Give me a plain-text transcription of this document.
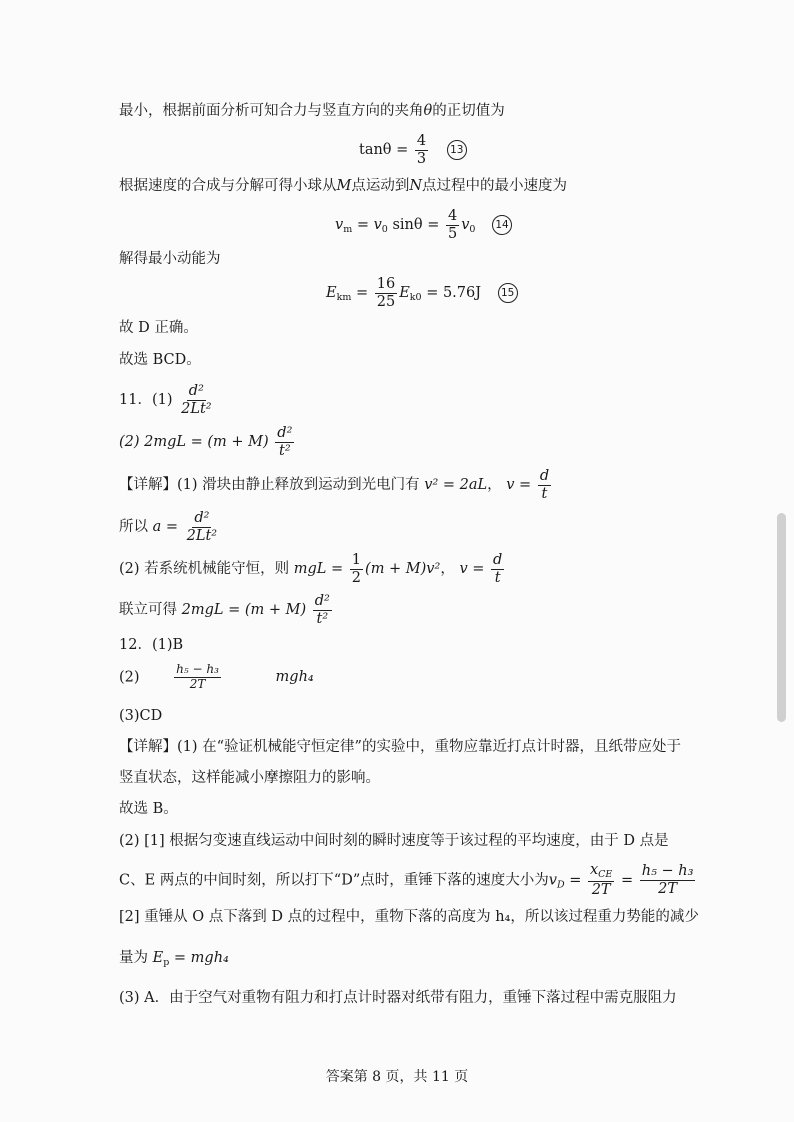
最小，根据前面分析可知合力与竖直方向的夹角θ的正切值为
$\tan\theta = \frac{4}{3} 13$
根据速度的合成与分解可得小球从M点运动到N点过程中的最小速度为
$v_m = v_0$ $\sin\theta = \frac{4}{5} v_0$ 14
解得最小动能为
$E_{km} = \frac{16}{25} E_{k0} = 5.76J$ 15
故 D 正确。
故选 BCD。
11．$(1) \frac{\text{d²}}{\text{2Lt²}}$
(2) $2mgL = (m + M) \frac{\text{d²}}{\text{t²}}$
【详解】(1) 滑块由静止释放到运动到光电门有 v² = 2aL， $v = \frac{d}{t}$
所以 $a = \frac{\text{d²}}{\text{2Lt²}}$
(2) 若系统机械能守恒，则 mgL = $\frac{1}{2} (m + M)v^2$， $v = \frac{d}{t}$
联立可得 $2mgL = (m + M) \frac{\text{d²}}{\text{t²}}$
12．(1)B
(2)	$\frac{\text{h₅ − h₃}}{2T}$	mgh₄
(3)CD
【详解】(1) 在“验证机械能守恒定律”的实验中，重物应靠近打点计时器，且纸带应处于
竖直状态，这样能减小摩擦阻力的影响。
故选 B。
(2) [1] 根据匀变速直线运动中间时刻的瞬时速度等于该过程的平均速度，由于 D 点是
C、E 两点的中间时刻，所以打下“D”点时，重锤下落的速度大小为$v_D = \frac{x_{CE}}{2T} = \frac{\text{h₅ − h₃}}{2T}$
[2] 重锤从 O 点下落到 D 点的过程中，重物下落的高度为 h₄，所以该过程重力势能的减少
量为 $E_p = mgh_4$
(3) A．由于空气对重物有阻力和打点计时器对纸带有阻力，重锤下落过程中需克服阻力
答案第 8 页，共 11 页
